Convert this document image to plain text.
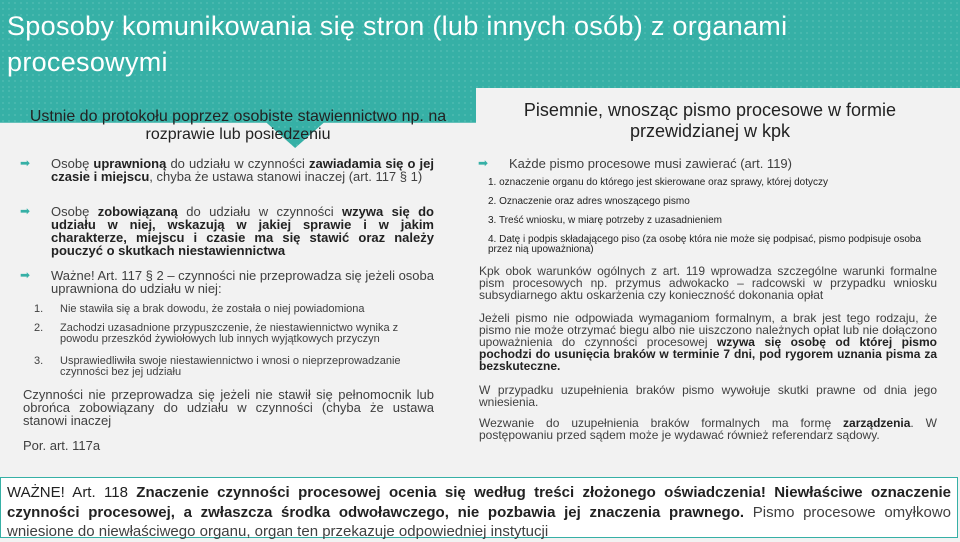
Sposoby komunikowania się stron (lub innych osób) z organami procesowymi
Ustnie do protokołu poprzez osobiste stawiennictwo np. na rozprawie lub posiedzeniu
Pisemnie, wnosząc pismo procesowe w formie przewidzianej w kpk
➡ Osobę uprawnioną do udziału w czynności zawiadamia się o jej czasie i miejscu, chyba że ustawa stanowi inaczej (art. 117 § 1)
➡ Osobę zobowiązaną do udziału w czynności wzywa się do udziału w niej, wskazują w jakiej sprawie i w jakim charakterze, miejscu i czasie ma się stawić oraz należy pouczyć o skutkach niestawiennictwa
➡ Ważne! Art. 117 § 2 – czynności nie przeprowadza się jeżeli osoba uprawniona do udziału w niej:
1. Nie stawiła się a brak dowodu, że została o niej powiadomiona
2. Zachodzi uzasadnione przypuszczenie, że niestawiennictwo wynika z powodu przeszkód żywiołowych lub innych wyjątkowych przyczyn
3. Usprawiedliwiła swoje niestawiennictwo i wnosi o nieprzeprowadzanie czynności bez jej udziału
Czynności nie przeprowadza się jeżeli nie stawił się pełnomocnik lub obrońca zobowiązany do udziału w czynności (chyba że ustawa stanowi inaczej
Por. art. 117a
➡ Każde pismo procesowe musi zawierać (art. 119)
1. oznaczenie organu do którego jest skierowane oraz sprawy, której dotyczy
2. Oznaczenie oraz adres wnoszącego pismo
3. Treść wniosku, w miarę potrzeby z uzasadnieniem
4. Datę i podpis składającego piso (za osobę która nie może się podpisać, pismo podpisuje osoba przez nią upoważniona)
Kpk obok warunków ogólnych z art. 119 wprowadza szczególne warunki formalne pism procesowych np. przymus adwokacko – radcowski w przypadku wniosku subsydiarnego aktu oskarżenia czy konieczność dokonania opłat
Jeżeli pismo nie odpowiada wymaganiom formalnym, a brak jest tego rodzaju, że pismo nie może otrzymać biegu albo nie uiszczono należnych opłat lub nie dołączono upoważnienia do czynności procesowej wzywa się osobę od której pismo pochodzi do usunięcia braków w terminie 7 dni, pod rygorem uznania pisma za bezskuteczne.
W przypadku uzupełnienia braków pismo wywołuje skutki prawne od dnia jego wniesienia.
Wezwanie do uzupełnienia braków formalnych ma formę zarządzenia. W postępowaniu przed sądem może je wydawać również referendarz sądowy.
WAŻNE! Art. 118 Znaczenie czynności procesowej ocenia się według treści złożonego oświadczenia! Niewłaściwe oznaczenie czynności procesowej, a zwłaszcza środka odwoławczego, nie pozbawia jej znaczenia prawnego. Pismo procesowe omyłkowo wniesione do niewłaściwego organu, organ ten przekazuje odpowiedniej instytucji
